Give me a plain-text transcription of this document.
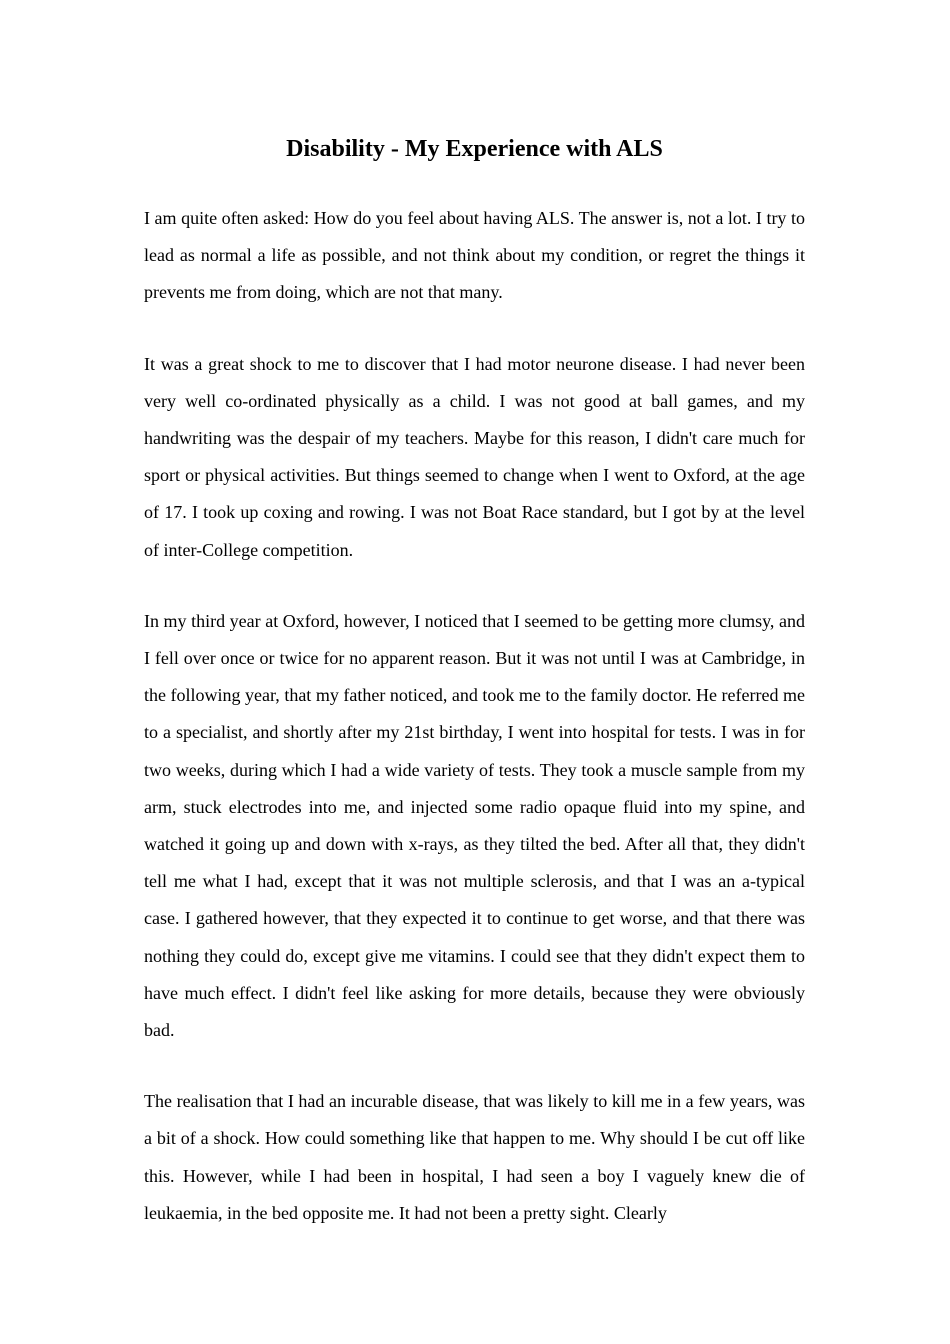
Disability - My Experience with ALS

I am quite often asked: How do you feel about having ALS. The answer is, not a lot. I try to lead as normal a life as possible, and not think about my condition, or regret the things it prevents me from doing, which are not that many.

It was a great shock to me to discover that I had motor neurone disease. I had never been very well co-ordinated physically as a child. I was not good at ball games, and my handwriting was the despair of my teachers. Maybe for this reason, I didn't care much for sport or physical activities. But things seemed to change when I went to Oxford, at the age of 17. I took up coxing and rowing. I was not Boat Race standard, but I got by at the level of inter-College competition.

In my third year at Oxford, however, I noticed that I seemed to be getting more clumsy, and I fell over once or twice for no apparent reason. But it was not until I was at Cambridge, in the following year, that my father noticed, and took me to the family doctor. He referred me to a specialist, and shortly after my 21st birthday, I went into hospital for tests. I was in for two weeks, during which I had a wide variety of tests. They took a muscle sample from my arm, stuck electrodes into me, and injected some radio opaque fluid into my spine, and watched it going up and down with x-rays, as they tilted the bed. After all that, they didn't tell me what I had, except that it was not multiple sclerosis, and that I was an a-typical case. I gathered however, that they expected it to continue to get worse, and that there was nothing they could do, except give me vitamins. I could see that they didn't expect them to have much effect. I didn't feel like asking for more details, because they were obviously bad.

The realisation that I had an incurable disease, that was likely to kill me in a few years, was a bit of a shock. How could something like that happen to me. Why should I be cut off like this. However, while I had been in hospital, I had seen a boy I vaguely knew die of leukaemia, in the bed opposite me. It had not been a pretty sight. Clearly
